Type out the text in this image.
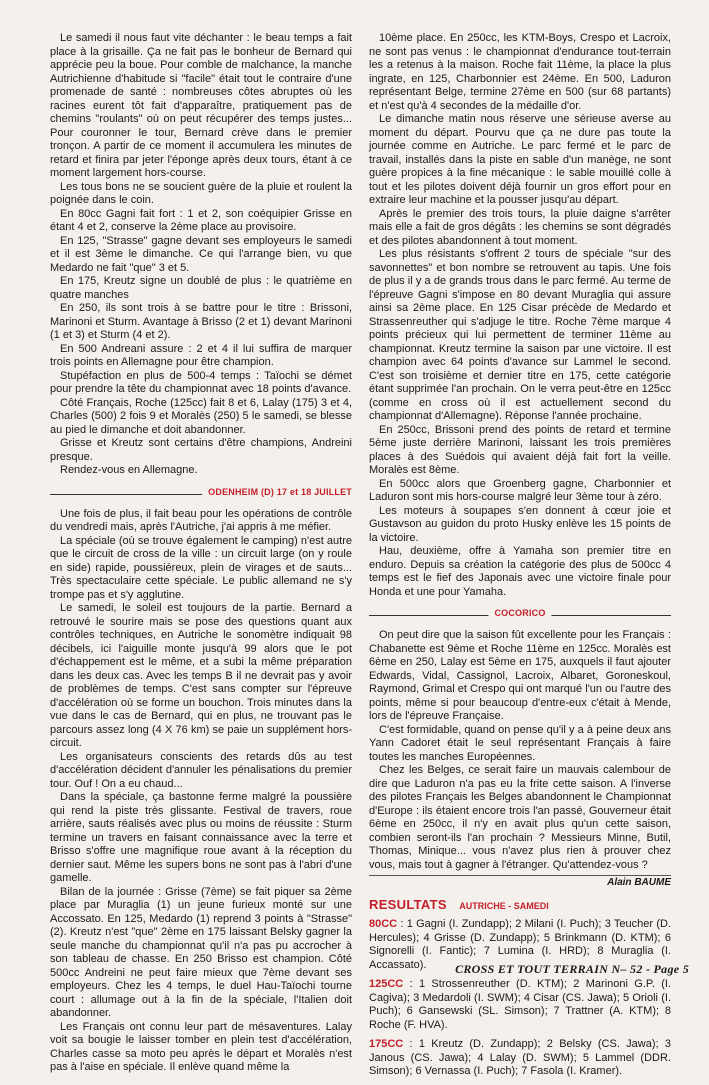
Le samedi il nous faut vite déchanter : le beau temps a fait place à la grisaille. Ça ne fait pas le bonheur de Bernard qui apprécie peu la boue. Pour comble de malchance, la manche Autrichienne d'habitude si "facile" était tout le contraire d'une promenade de santé : nombreuses côtes abruptes où les racines eurent tôt fait d'apparaître, pratiquement pas de chemins "roulants" où on peut récupérer des temps justes... Pour couronner le tour, Bernard crève dans le premier tronçon. A partir de ce moment il accumulera les minutes de retard et finira par jeter l'éponge après deux tours, étant à ce moment largement hors-course.

Les tous bons ne se soucient guère de la pluie et roulent la poignée dans le coin.

En 80cc Gagni fait fort : 1 et 2, son coéquipier Grisse en étant 4 et 2, conserve la 2ème place au provisoire.

En 125, "Strasse" gagne devant ses employeurs le samedi et il est 3ème le dimanche. Ce qui l'arrange bien, vu que Medardo ne fait "que" 3 et 5.

En 175, Kreutz signe un doublé de plus : le quatrième en quatre manches

En 250, ils sont trois à se battre pour le titre : Brissoni, Marinoni et Sturm. Avantage à Brisso (2 et 1) devant Marinoni (1 et 3) et Sturm (4 et 2).

En 500 Andreani assure : 2 et 4 il lui suffira de marquer trois points en Allemagne pour être champion.

Stupéfaction en plus de 500-4 temps : Taïochi se démet pour prendre la tête du championnat avec 18 points d'avance.

Côté Français, Roche (125cc) fait 8 et 6, Lalay (175) 3 et 4, Charles (500) 2 fois 9 et Moralès (250) 5 le samedi, se blesse au pied le dimanche et doit abandonner.

Grisse et Kreutz sont certains d'être champions, Andreini presque.

Rendez-vous en Allemagne.

ODENHEIM (D) 17 et 18 JUILLET

Une fois de plus, il fait beau pour les opérations de contrôle du vendredi mais, après l'Autriche, j'ai appris à me méfier.

La spéciale (où se trouve également le camping) n'est autre que le circuit de cross de la ville : un circuit large (on y roule en side) rapide, poussiéreux, plein de virages et de sauts... Très spectaculaire cette spéciale. Le public allemand ne s'y trompe pas et s'y agglutine.

Le samedi, le soleil est toujours de la partie. Bernard a retrouvé le sourire mais se pose des questions quant aux contrôles techniques, en Autriche le sonomètre indiquait 98 décibels, ici l'aiguille monte jusqu'à 99 alors que le pot d'échappement est le même, et a subi la même préparation dans les deux cas. Avec les temps B il ne devrait pas y avoir de problèmes de temps. C'est sans compter sur l'épreuve d'accélération où se forme un bouchon. Trois minutes dans la vue dans le cas de Bernard, qui en plus, ne trouvant pas le parcours assez long (4 X 76 km) se paie un supplément hors-circuit.

Les organisateurs conscients des retards dûs au test d'accélération décident d'annuler les pénalisations du premier tour. Ouf ! On a eu chaud...

Dans la spéciale, ça bastonne ferme malgré la poussière qui rend la piste très glissante. Festival de travers, roue arrière, sauts réalisés avec plus ou moins de réussite : Sturm termine un travers en faisant connaissance avec la terre et Brisso s'offre une magnifique roue avant à la réception du dernier saut. Même les supers bons ne sont pas à l'abri d'une gamelle.

Bilan de la journée : Grisse (7ème) se fait piquer sa 2ème place par Muraglia (1) un jeune furieux monté sur une Accossato. En 125, Medardo (1) reprend 3 points à "Strasse" (2). Kreutz n'est "que" 2ème en 175 laissant Belsky gagner la seule manche du championnat qu'il n'a pas pu accrocher à son tableau de chasse. En 250 Brisso est champion. Côté 500cc Andreini ne peut faire mieux que 7ème devant ses employeurs. Chez les 4 temps, le duel Hau-Taïochi tourne court : allumage out à la fin de la spéciale, l'Italien doit abandonner.

Les Français ont connu leur part de mésaventures. Lalay voit sa bougie le laisser tomber en plein test d'accélération, Charles casse sa moto peu après le départ et Moralès n'est pas à l'aise en spéciale. Il enlève quand même la

10ème place. En 250cc, les KTM-Boys, Crespo et Lacroix, ne sont pas venus : le championnat d'endurance tout-terrain les a retenus à la maison. Roche fait 11ème, la place la plus ingrate, en 125, Charbonnier est 24ème. En 500, Laduron représentant Belge, termine 27ème en 500 (sur 68 partants) et n'est qu'à 4 secondes de la médaille d'or.

Le dimanche matin nous réserve une sérieuse averse au moment du départ. Pourvu que ça ne dure pas toute la journée comme en Autriche. Le parc fermé et le parc de travail, installés dans la piste en sable d'un manège, ne sont guère propices à la fine mécanique : le sable mouillé colle à tout et les pilotes doivent déjà fournir un gros effort pour en extraire leur machine et la pousser jusqu'au départ.

Après le premier des trois tours, la pluie daigne s'arrêter mais elle a fait de gros dégâts : les chemins se sont dégradés et des pilotes abandonnent à tout moment.

Les plus résistants s'offrent 2 tours de spéciale "sur des savonnettes" et bon nombre se retrouvent au tapis. Une fois de plus il y a de grands trous dans le parc fermé. Au terme de l'épreuve Gagni s'impose en 80 devant Muraglia qui assure ainsi sa 2ème place. En 125 Cisar précède de Medardo et Strassenreuther qui s'adjuge le titre. Roche 7ème marque 4 points précieux qui lui permettent de terminer 11ème au championnat. Kreutz termine la saison par une victoire. Il est champion avec 64 points d'avance sur Lammel le second. C'est son troisième et dernier titre en 175, cette catégorie étant supprimée l'an prochain. On le verra peut-être en 125cc (comme en cross où il est actuellement second du championnat d'Allemagne). Réponse l'année prochaine.

En 250cc, Brissoni prend des points de retard et termine 5ème juste derrière Marinoni, laissant les trois premières places à des Suédois qui avaient déjà fait fort la veille. Moralès est 8ème.

En 500cc alors que Groenberg gagne, Charbonnier et Laduron sont mis hors-course malgré leur 3ème tour à zéro.

Les moteurs à soupapes s'en donnent à cœur joie et Gustavson au guidon du proto Husky enlève les 15 points de la victoire.

Hau, deuxième, offre à Yamaha son premier titre en enduro. Depuis sa création la catégorie des plus de 500cc 4 temps est le fief des Japonais avec une victoire finale pour Honda et une pour Yamaha.

COCORICO

On peut dire que la saison fût excellente pour les Français : Chabanette est 9ème et Roche 11ème en 125cc. Moralès est 6ème en 250, Lalay est 5ème en 175, auxquels il faut ajouter Edwards, Vidal, Cassignol, Lacroix, Albaret, Goroneskoul, Raymond, Grimal et Crespo qui ont marqué l'un ou l'autre des points, même si pour beaucoup d'entre-eux c'était à Mende, lors de l'épreuve Française.

C'est formidable, quand on pense qu'il y a à peine deux ans Yann Cadoret était le seul représentant Français à faire toutes les manches Européennes.

Chez les Belges, ce serait faire un mauvais calembour de dire que Laduron n'a pas eu la frite cette saison. A l'inverse des pilotes Français les Belges abandonnent le Championnat d'Europe : ils étaient encore trois l'an passé, Gouverneur était 6ème en 250cc, il n'y en avait plus qu'un cette saison, combien seront-ils l'an prochain ? Messieurs Minne, Butil, Thomas, Minique... vous n'avez plus rien à prouver chez vous, mais tout à gagner à l'étranger. Qu'attendez-vous ?

Alain BAUME
RESULTATS AUTRICHE - SAMEDI

80CC : 1 Gagni (I. Zundapp); 2 Milani (I. Puch); 3 Teucher (D. Hercules); 4 Grisse (D. Zundapp); 5 Brinkmann (D. KTM); 6 Signorelli (I. Fantic); 7 Lumina (I. HRD); 8 Muraglia (I. Accassato).

125CC : 1 Strossenreuther (D. KTM); 2 Marinoni G.P. (I. Cagiva); 3 Medardoli (I. SWM); 4 Cisar (CS. Jawa); 5 Orioli (I. Puch); 6 Gansewski (SL. Simson); 7 Trattner (A. KTM); 8 Roche (F. HVA).

175CC : 1 Kreutz (D. Zundapp); 2 Belsky (CS. Jawa); 3 Janous (CS. Jawa); 4 Lalay (D. SWM); 5 Lammel (DDR. Simson); 6 Vernassa (I. Puch); 7 Fasola (I. Kramer).

CROSS ET TOUT TERRAIN N– 52 - Page 5
